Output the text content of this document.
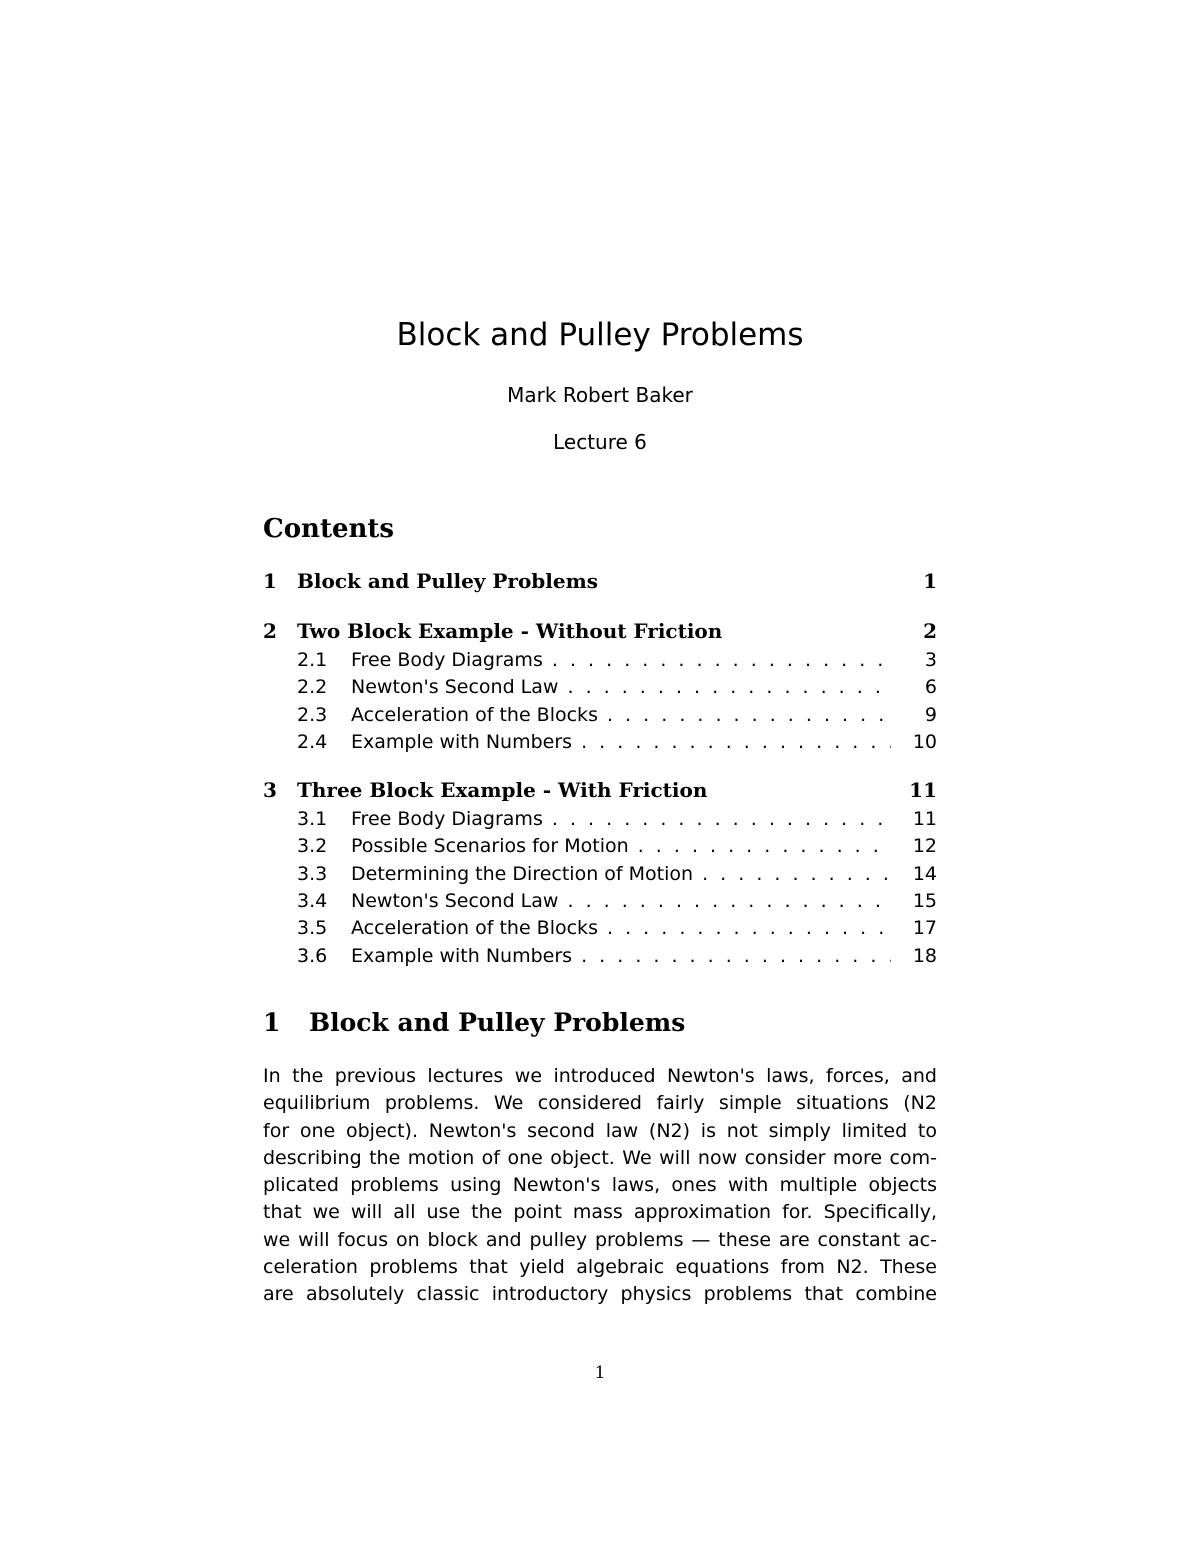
Block and Pulley Problems
Mark Robert Baker
Lecture 6
Contents
1 Block and Pulley Problems	1
2 Two Block Example - Without Friction	2
2.1 Free Body Diagrams . . .	3
2.2 Newton's Second Law . . .	6
2.3 Acceleration of the Blocks . . .	9
2.4 Example with Numbers . . .	10
3 Three Block Example - With Friction	11
3.1 Free Body Diagrams . . .	11
3.2 Possible Scenarios for Motion . . .	12
3.3 Determining the Direction of Motion . . .	14
3.4 Newton's Second Law . . .	15
3.5 Acceleration of the Blocks . . .	17
3.6 Example with Numbers . . .	18
1 Block and Pulley Problems
In the previous lectures we introduced Newton's laws, forces, and
equilibrium problems. We considered fairly simple situations (N2
for one object). Newton's second law (N2) is not simply limited to
describing the motion of one object. We will now consider more com-
plicated problems using Newton's laws, ones with multiple objects
that we will all use the point mass approximation for. Specifically,
we will focus on block and pulley problems — these are constant ac-
celeration problems that yield algebraic equations from N2. These
are absolutely classic introductory physics problems that combine
1
